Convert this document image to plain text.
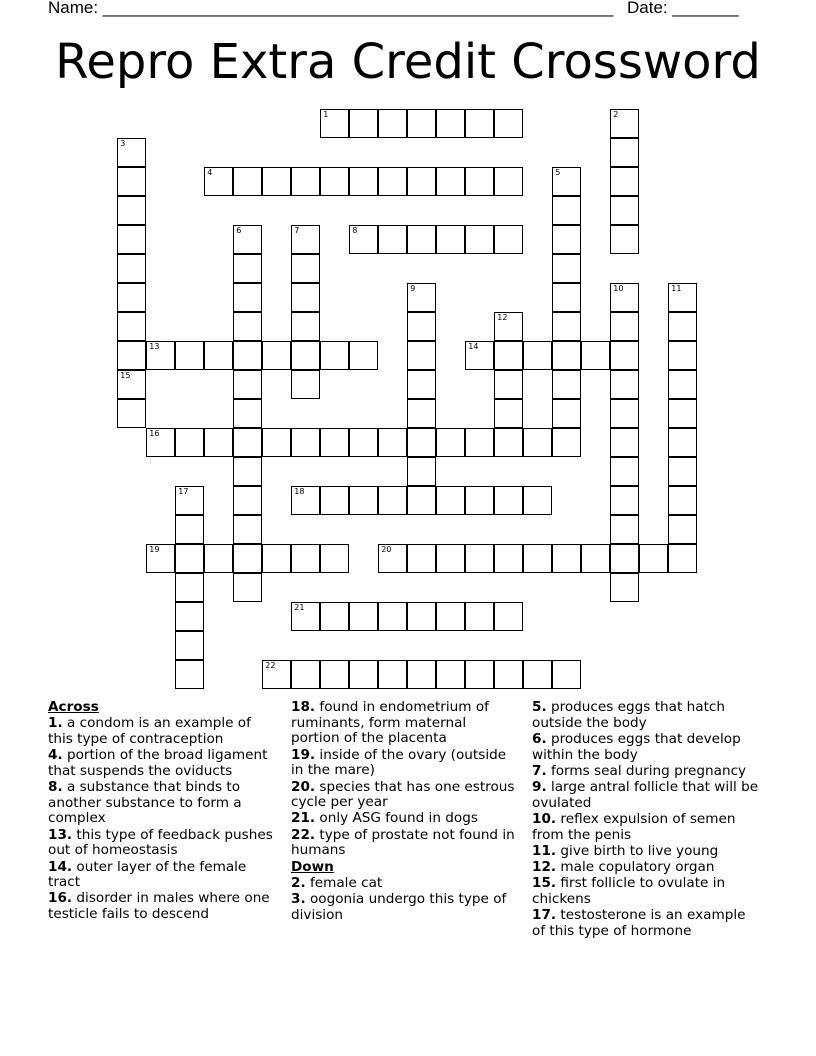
Name: ______________________________________________________ Date: _______
Repro Extra Credit Crossword
1
4
8
13	14
15
16
18
19	20
21
22
2
3
5
6	7
9	10	11
12
17
Across
1. a condom is an example of this type of contraception
4. portion of the broad ligament that suspends the oviducts
8. a substance that binds to another substance to form a complex
13. this type of feedback pushes out of homeostasis
14. outer layer of the female tract
16. disorder in males where one testicle fails to descend
18. found in endometrium of ruminants, form maternal portion of the placenta
19. inside of the ovary (outside in the mare)
20. species that has one estrous cycle per year
21. only ASG found in dogs
22. type of prostate not found in humans
Down
2. female cat
3. oogonia undergo this type of division
5. produces eggs that hatch outside the body
6. produces eggs that develop within the body
7. forms seal during pregnancy
9. large antral follicle that will be ovulated
10. reflex expulsion of semen from the penis
11. give birth to live young
12. male copulatory organ
15. first follicle to ovulate in chickens
17. testosterone is an example of this type of hormone
